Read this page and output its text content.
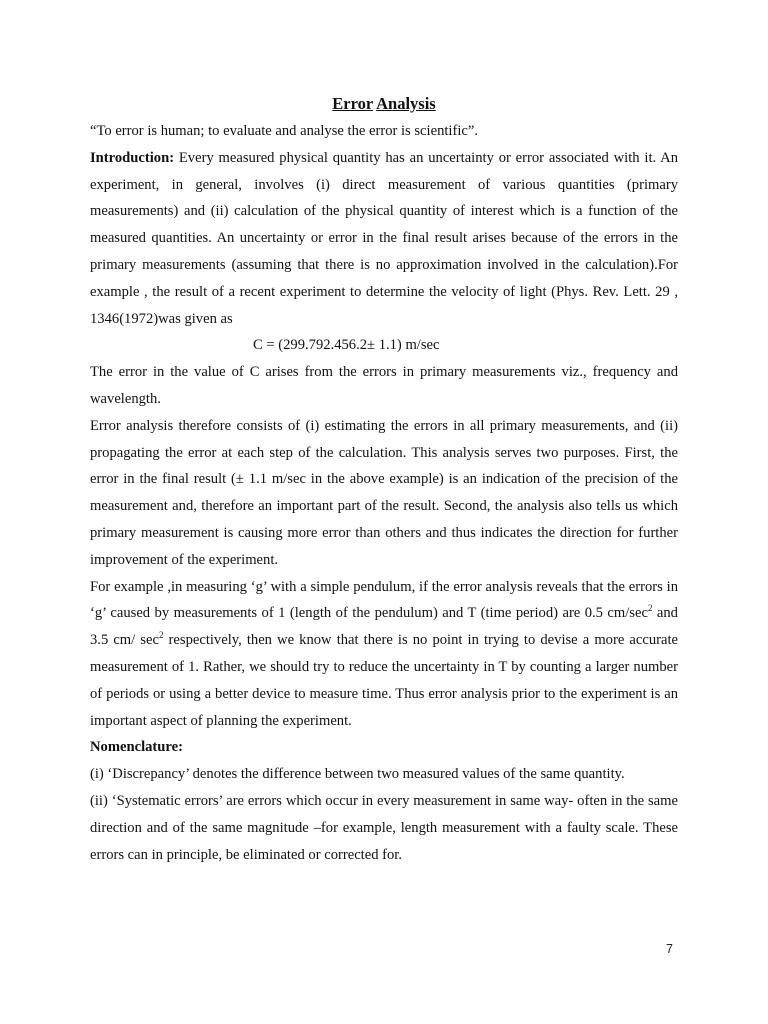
Error Analysis

“To error is human; to evaluate and analyse the error is scientific”.

Introduction: Every measured physical quantity has an uncertainty or error associated with it. An experiment, in general, involves (i) direct measurement of various quantities (primary measurements) and (ii) calculation of the physical quantity of interest which is a function of the measured quantities. An uncertainty or error in the final result arises because of the errors in the primary measurements (assuming that there is no approximation involved in the calculation).For example , the result of a recent experiment to determine the velocity of light (Phys. Rev. Lett. 29 , 1346(1972)was given as

C = (299.792.456.2± 1.1) m/sec

The error in the value of C arises from the errors in primary measurements viz., frequency and wavelength.

Error analysis therefore consists of (i) estimating the errors in all primary measurements, and (ii) propagating the error at each step of the calculation. This analysis serves two purposes. First, the error in the final result (± 1.1 m/sec in the above example) is an indication of the precision of the measurement and, therefore an important part of the result. Second, the analysis also tells us which primary measurement is causing more error than others and thus indicates the direction for further improvement of the experiment.

For example ,in measuring ‘g’ with a simple pendulum, if the error analysis reveals that the errors in ‘g’ caused by measurements of 1 (length of the pendulum) and T (time period) are 0.5 $cm/\sec^2$ and 3.5 cm/ $\sec^2$ respectively, then we know that there is no point in trying to devise a more accurate measurement of 1. Rather, we should try to reduce the uncertainty in T by counting a larger number of periods or using a better device to measure time. Thus error analysis prior to the experiment is an important aspect of planning the experiment.

Nomenclature:

(i) ‘Discrepancy’ denotes the difference between two measured values of the same quantity.

(ii) ‘Systematic errors’ are errors which occur in every measurement in same way- often in the same direction and of the same magnitude –for example, length measurement with a faulty scale. These errors can in principle, be eliminated or corrected for.

7
